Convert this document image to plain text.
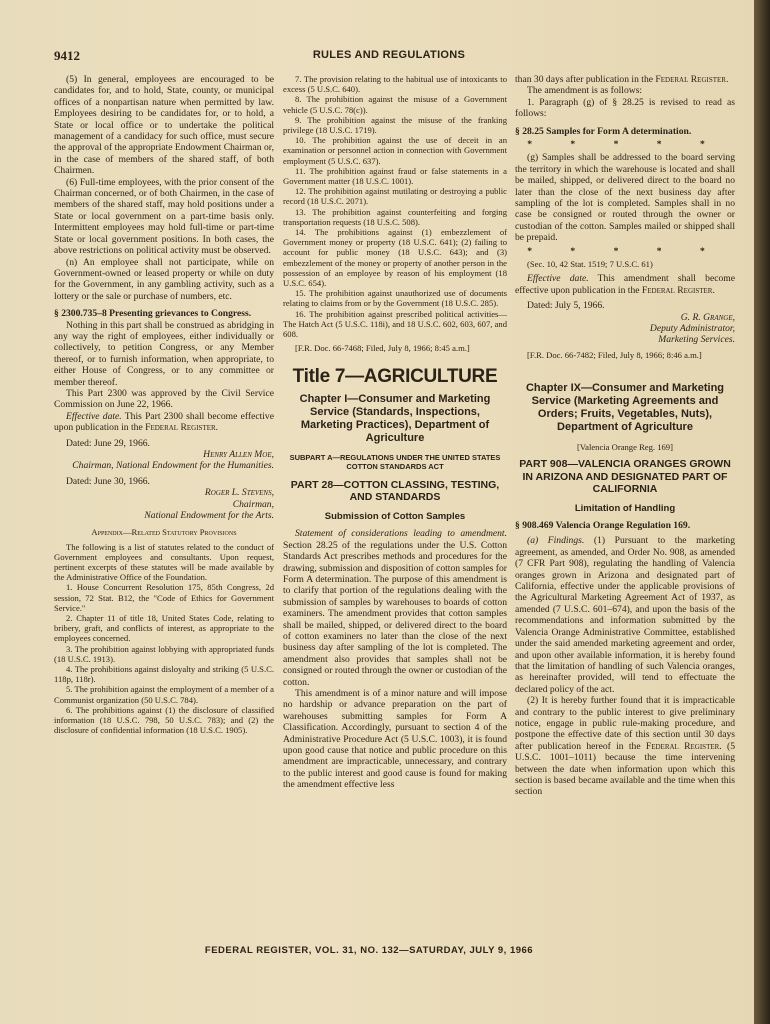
9412	RULES AND REGULATIONS

(5) In general, employees are encouraged to be candidates for, and to hold, State, county, or municipal offices of a nonpartisan nature when permitted by law. Employees desiring to be candidates for, or to hold, a State or local office or to undertake the political management of a candidacy for such office, must secure the approval of the appropriate Endowment Chairman or, in the case of members of the shared staff, of both Chairmen.

(6) Full-time employees, with the prior consent of the Chairman concerned, or of both Chairmen, in the case of members of the shared staff, may hold positions under a State or local government on a part-time basis only. Intermittent employees may hold full-time or part-time State or local government positions. In both cases, the above restrictions on political activity must be observed.

(n) An employee shall not participate, while on Government-owned or leased property or while on duty for the Government, in any gambling activity, such as a lottery or the sale or purchase of numbers, etc.

§ 2300.735–8 Presenting grievances to Congress.

Nothing in this part shall be construed as abridging in any way the right of employees, either individually or collectively, to petition Congress, or any Member thereof, or to furnish information, when appropriate, to either House of Congress, or to any committee or member thereof.

This Part 2300 was approved by the Civil Service Commission on June 22, 1966.

Effective date. This Part 2300 shall become effective upon publication in the Federal Register.

Dated: June 29, 1966.

Henry Allen Moe,

Chairman, National Endowment for the Humanities.

Dated: June 30, 1966.

Roger L. Stevens,

Chairman,

National Endowment for the Arts.

Appendix—Related Statutory Provisions

The following is a list of statutes related to the conduct of Government employees and consultants. Upon request, pertinent excerpts of these statutes will be made available by the Administrative Office of the Foundation.

1. House Concurrent Resolution 175, 85th Congress, 2d session, 72 Stat. B12, the "Code of Ethics for Government Service."

2. Chapter 11 of title 18, United States Code, relating to bribery, graft, and conflicts of interest, as appropriate to the employees concerned.

3. The prohibition against lobbying with appropriated funds (18 U.S.C. 1913).

4. The prohibitions against disloyalty and striking (5 U.S.C. 118p, 118r).

5. The prohibition against the employment of a member of a Communist organization (50 U.S.C. 784).

6. The prohibitions against (1) the disclosure of classified information (18 U.S.C. 798, 50 U.S.C. 783); and (2) the disclosure of confidential information (18 U.S.C. 1905).

7. The provision relating to the habitual use of intoxicants to excess (5 U.S.C. 640).

8. The prohibition against the misuse of a Government vehicle (5 U.S.C. 78(c)).

9. The prohibition against the misuse of the franking privilege (18 U.S.C. 1719).

10. The prohibition against the use of deceit in an examination or personnel action in connection with Government employment (5 U.S.C. 637).

11. The prohibition against fraud or false statements in a Government matter (18 U.S.C. 1001).

12. The prohibition against mutilating or destroying a public record (18 U.S.C. 2071).

13. The prohibition against counterfeiting and forging transportation requests (18 U.S.C. 508).

14. The prohibitions against (1) embezzlement of Government money or property (18 U.S.C. 641); (2) failing to account for public money (18 U.S.C. 643); and (3) embezzlement of the money or property of another person in the possession of an employee by reason of his employment (18 U.S.C. 654).

15. The prohibition against unauthorized use of documents relating to claims from or by the Government (18 U.S.C. 285).

16. The prohibition against prescribed political activities—The Hatch Act (5 U.S.C. 118i), and 18 U.S.C. 602, 603, 607, and 608.

[F.R. Doc. 66-7468; Filed, July 8, 1966; 8:45 a.m.]

Title 7—AGRICULTURE

Chapter I—Consumer and Marketing Service (Standards, Inspections, Marketing Practices), Department of Agriculture

SUBPART A—REGULATIONS UNDER THE UNITED STATES COTTON STANDARDS ACT

PART 28—COTTON CLASSING, TESTING, AND STANDARDS

Submission of Cotton Samples

Statement of considerations leading to amendment. Section 28.25 of the regulations under the U.S. Cotton Standards Act prescribes methods and procedures for the drawing, submission and disposition of cotton samples for Form A determination. The purpose of this amendment is to clarify that portion of the regulations dealing with the submission of samples by warehouses to boards of cotton examiners. The amendment provides that cotton samples shall be mailed, shipped, or delivered direct to the board of cotton examiners no later than the close of the next business day after sampling of the lot is completed. The amendment also provides that samples shall not be consigned or routed through the owner or custodian of the cotton.

This amendment is of a minor nature and will impose no hardship or advance preparation on the part of warehouses submitting samples for Form A Classification. Accordingly, pursuant to section 4 of the Administrative Procedure Act (5 U.S.C. 1003), it is found upon good cause that notice and public procedure on this amendment are impracticable, unnecessary, and contrary to the public interest and good cause is found for making the amendment effective less

than 30 days after publication in the Federal Register.

The amendment is as follows:

1. Paragraph (g) of § 28.25 is revised to read as follows:

§ 28.25 Samples for Form A determination.

* * * * *

(g) Samples shall be addressed to the board serving the territory in which the warehouse is located and shall be mailed, shipped, or delivered direct to the board no later than the close of the next business day after sampling of the lot is completed. Samples shall in no case be consigned or routed through the owner or custodian of the cotton. Samples mailed or shipped shall be prepaid.

* * * * *

(Sec. 10, 42 Stat. 1519; 7 U.S.C. 61)

Effective date. This amendment shall become effective upon publication in the Federal Register.

Dated: July 5, 1966.

G. R. Grange,

Deputy Administrator,

Marketing Services.

[F.R. Doc. 66-7482; Filed, July 8, 1966; 8:46 a.m.]

Chapter IX—Consumer and Marketing Service (Marketing Agreements and Orders; Fruits, Vegetables, Nuts), Department of Agriculture

[Valencia Orange Reg. 169]

PART 908—VALENCIA ORANGES GROWN IN ARIZONA AND DESIGNATED PART OF CALIFORNIA

Limitation of Handling

§ 908.469 Valencia Orange Regulation 169.

(a) Findings. (1) Pursuant to the marketing agreement, as amended, and Order No. 908, as amended (7 CFR Part 908), regulating the handling of Valencia oranges grown in Arizona and designated part of California, effective under the applicable provisions of the Agricultural Marketing Agreement Act of 1937, as amended (7 U.S.C. 601–674), and upon the basis of the recommendations and information submitted by the Valencia Orange Administrative Committee, established under the said amended marketing agreement and order, and upon other available information, it is hereby found that the limitation of handling of such Valencia oranges, as hereinafter provided, will tend to effectuate the declared policy of the act.

(2) It is hereby further found that it is impracticable and contrary to the public interest to give preliminary notice, engage in public rule-making procedure, and postpone the effective date of this section until 30 days after publication hereof in the Federal Register. (5 U.S.C. 1001–1011) because the time intervening between the date when information upon which this section is based became available and the time when this section

FEDERAL REGISTER, VOL. 31, NO. 132—SATURDAY, JULY 9, 1966
